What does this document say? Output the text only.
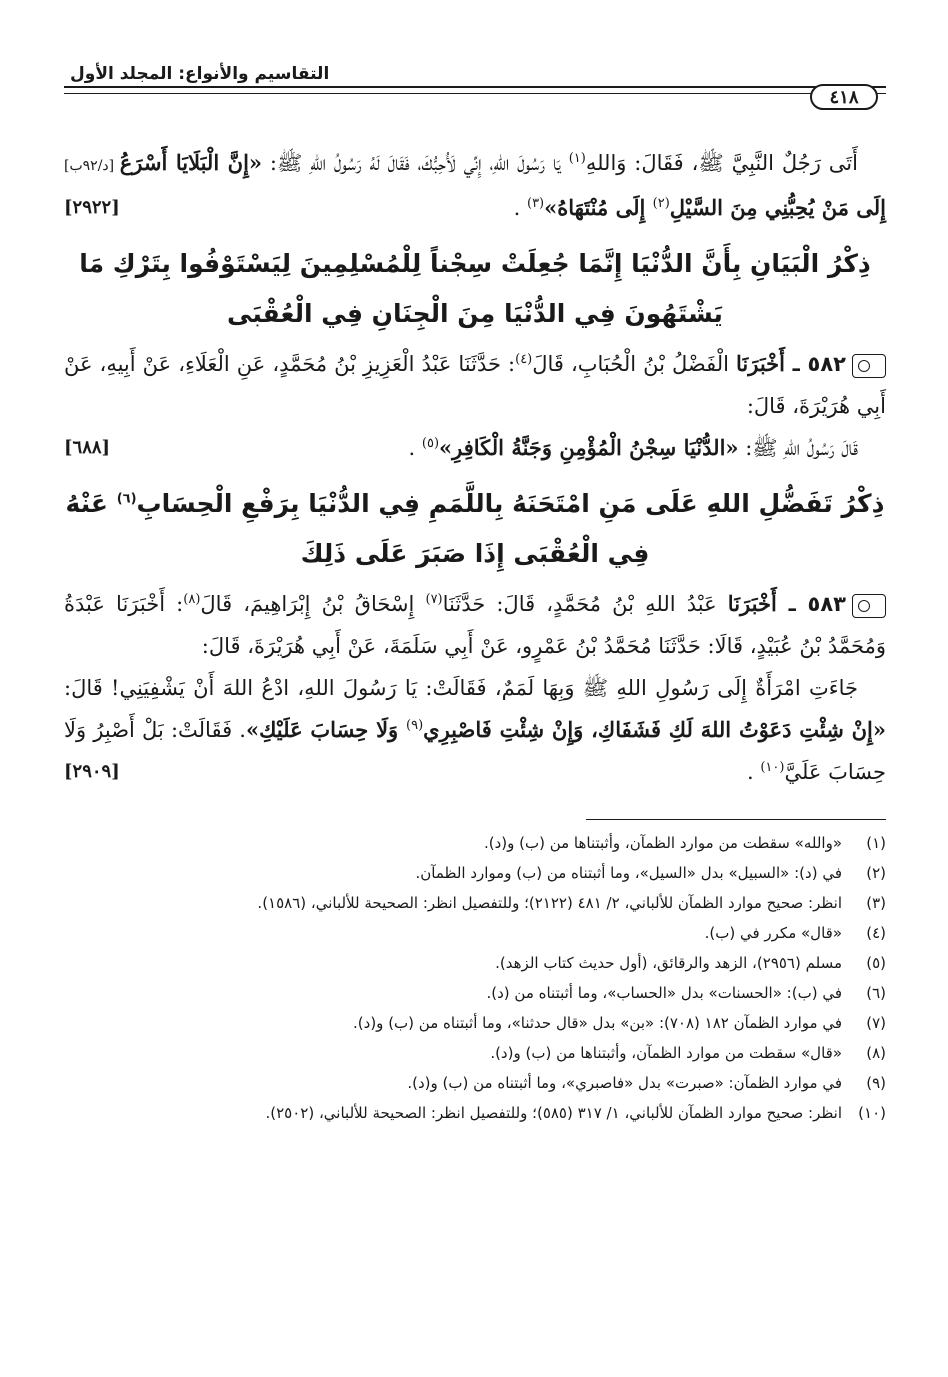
٤١٨
التقاسيم والأنواع: المجلد الأول

أَتَى رَجُلٌ النَّبِيَّ ﷺ، فَقَالَ: وَاللهِ$^{(١)}$ يَا رَسُولَ اللهِ، إِنِّي لَأُحِبُّكَ، فَقَالَ لَهُ رَسُولُ اللهِ ﷺ: «إِنَّ الْبَلَايَا أَسْرَعُ [د/٩٢ب] إِلَى مَنْ يُحِبُّنِي مِنَ السَّيْلِ$^{(٢)}$ إِلَى مُنْتَهَاهُ»$^{(٣)}$ .
[٢٩٢٢]

ذِكْرُ الْبَيَانِ بِأَنَّ الدُّنْيَا إِنَّمَا جُعِلَتْ سِجْناً لِلْمُسْلِمِينَ لِيَسْتَوْفُوا بِتَرْكِ مَا يَشْتَهُونَ فِي الدُّنْيَا مِنَ الْجِنَانِ فِي الْعُقْبَى

٥٨٢ ـ أَخْبَرَنَا الْفَضْلُ بْنُ الْحُبَابِ، قَالَ$^{(٤)}$: حَدَّثَنَا عَبْدُ الْعَزِيزِ بْنُ مُحَمَّدٍ، عَنِ الْعَلَاءِ، عَنْ أَبِيهِ، عَنْ أَبِي هُرَيْرَةَ، قَالَ:

قَالَ رَسُولُ اللهِ ﷺ: «الدُّنْيَا سِجْنُ الْمُؤْمِنِ وَجَنَّةُ الْكَافِرِ»$^{(٥)}$ .
[٦٨٨]

ذِكْرُ تَفَضُّلِ اللهِ عَلَى مَنِ امْتَحَنَهُ بِاللَّمَمِ فِي الدُّنْيَا بِرَفْعِ الْحِسَابِ$^{(٦)}$ عَنْهُ فِي الْعُقْبَى إِذَا صَبَرَ عَلَى ذَلِكَ

٥٨٣ ـ أَخْبَرَنَا عَبْدُ اللهِ بْنُ مُحَمَّدٍ، قَالَ: حَدَّثَنَا$^{(٧)}$ إِسْحَاقُ بْنُ إِبْرَاهِيمَ، قَالَ$^{(٨)}$: أَخْبَرَنَا عَبْدَةُ وَمُحَمَّدُ بْنُ عُبَيْدٍ، قَالَا: حَدَّثَنَا مُحَمَّدُ بْنُ عَمْرٍو، عَنْ أَبِي سَلَمَةَ، عَنْ أَبِي هُرَيْرَةَ، قَالَ:

جَاءَتِ امْرَأَةٌ إِلَى رَسُولِ اللهِ ﷺ وَبِهَا لَمَمٌ، فَقَالَتْ: يَا رَسُولَ اللهِ، ادْعُ اللهَ أَنْ يَشْفِيَنِي! قَالَ: «إِنْ شِئْتِ دَعَوْتُ اللهَ لَكِ فَشَفَاكِ، وَإِنْ شِئْتِ فَاصْبِرِي$^{(٩)}$ وَلَا حِسَابَ عَلَيْكِ». فَقَالَتْ: بَلْ أَصْبِرُ وَلَا حِسَابَ عَلَيَّ$^{(١٠)}$ .
[٢٩٠٩]

(١)
«والله» سقطت من موارد الظمآن، وأثبتناها من (ب) و(د).
(٢)
في (د): «السبيل» بدل «السيل»، وما أثبتناه من (ب) وموارد الظمآن.
(٣)
انظر: صحيح موارد الظمآن للألباني، ٢/ ٤٨١ (٢١٢٢)؛ وللتفصيل انظر: الصحيحة للألباني، (١٥٨٦).
(٤)
«قال» مكرر في (ب).
(٥)
مسلم (٢٩٥٦)، الزهد والرقائق، (أول حديث كتاب الزهد).
(٦)
في (ب): «الحسنات» بدل «الحساب»، وما أثبتناه من (د).
(٧)
في موارد الظمآن ١٨٢ (٧٠٨): «بن» بدل «قال حدثنا»، وما أثبتناه من (ب) و(د).
(٨)
«قال» سقطت من موارد الظمآن، وأثبتناها من (ب) و(د).
(٩)
في موارد الظمآن: «صبرت» بدل «فاصبري»، وما أثبتناه من (ب) و(د).
(١٠)
انظر: صحيح موارد الظمآن للألباني، ١/ ٣١٧ (٥٨٥)؛ وللتفصيل انظر: الصحيحة للألباني، (٢٥٠٢).
